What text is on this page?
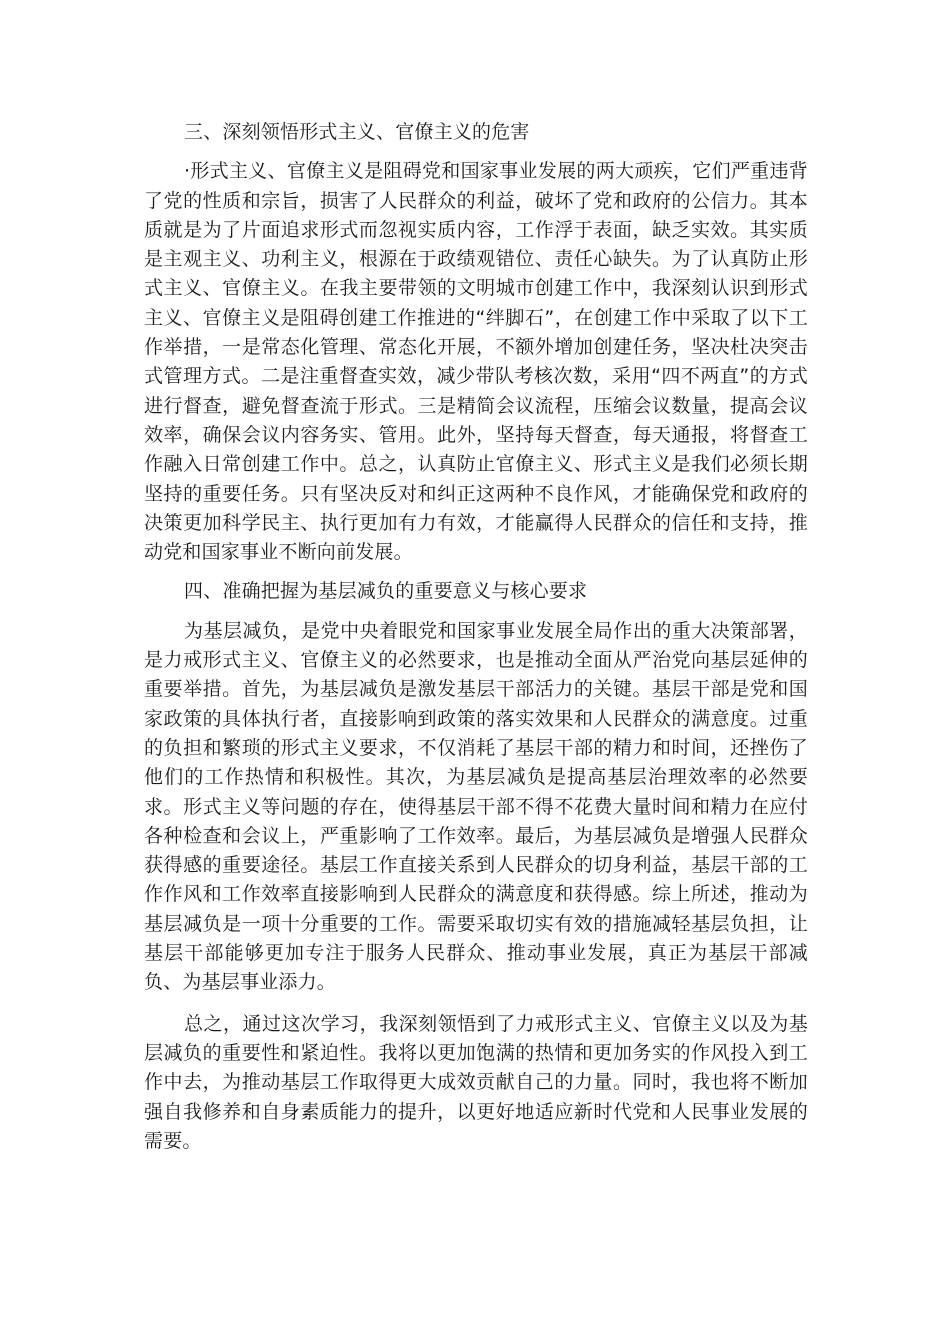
三、深刻领悟形式主义、官僚主义的危害

·形式主义、官僚主义是阻碍党和国家事业发展的两大顽疾，它们严重违背了党的性质和宗旨，损害了人民群众的利益，破坏了党和政府的公信力。其本质就是为了片面追求形式而忽视实质内容，工作浮于表面，缺乏实效。其实质是主观主义、功利主义，根源在于政绩观错位、责任心缺失。为了认真防止形式主义、官僚主义。在我主要带领的文明城市创建工作中，我深刻认识到形式主义、官僚主义是阻碍创建工作推进的“绊脚石”，在创建工作中采取了以下工作举措，一是常态化管理、常态化开展，不额外增加创建任务，坚决杜决突击式管理方式。二是注重督查实效，减少带队考核次数，采用“四不两直”的方式进行督查，避免督查流于形式。三是精简会议流程，压缩会议数量，提高会议效率，确保会议内容务实、管用。此外，坚持每天督查，每天通报，将督查工作融入日常创建工作中。总之，认真防止官僚主义、形式主义是我们必须长期坚持的重要任务。只有坚决反对和纠正这两种不良作风，才能确保党和政府的决策更加科学民主、执行更加有力有效，才能赢得人民群众的信任和支持，推动党和国家事业不断向前发展。

四、准确把握为基层减负的重要意义与核心要求

为基层减负，是党中央着眼党和国家事业发展全局作出的重大决策部署，是力戒形式主义、官僚主义的必然要求，也是推动全面从严治党向基层延伸的重要举措。首先，为基层减负是激发基层干部活力的关键。基层干部是党和国家政策的具体执行者，直接影响到政策的落实效果和人民群众的满意度。过重的负担和繁琐的形式主义要求，不仅消耗了基层干部的精力和时间，还挫伤了他们的工作热情和积极性。其次，为基层减负是提高基层治理效率的必然要求。形式主义等问题的存在，使得基层干部不得不花费大量时间和精力在应付各种检查和会议上，严重影响了工作效率。最后，为基层减负是增强人民群众获得感的重要途径。基层工作直接关系到人民群众的切身利益，基层干部的工作作风和工作效率直接影响到人民群众的满意度和获得感。综上所述，推动为基层减负是一项十分重要的工作。需要采取切实有效的措施减轻基层负担，让基层干部能够更加专注于服务人民群众、推动事业发展，真正为基层干部减负、为基层事业添力。

总之，通过这次学习，我深刻领悟到了力戒形式主义、官僚主义以及为基层减负的重要性和紧迫性。我将以更加饱满的热情和更加务实的作风投入到工作中去，为推动基层工作取得更大成效贡献自己的力量。同时，我也将不断加强自我修养和自身素质能力的提升，以更好地适应新时代党和人民事业发展的需要。
